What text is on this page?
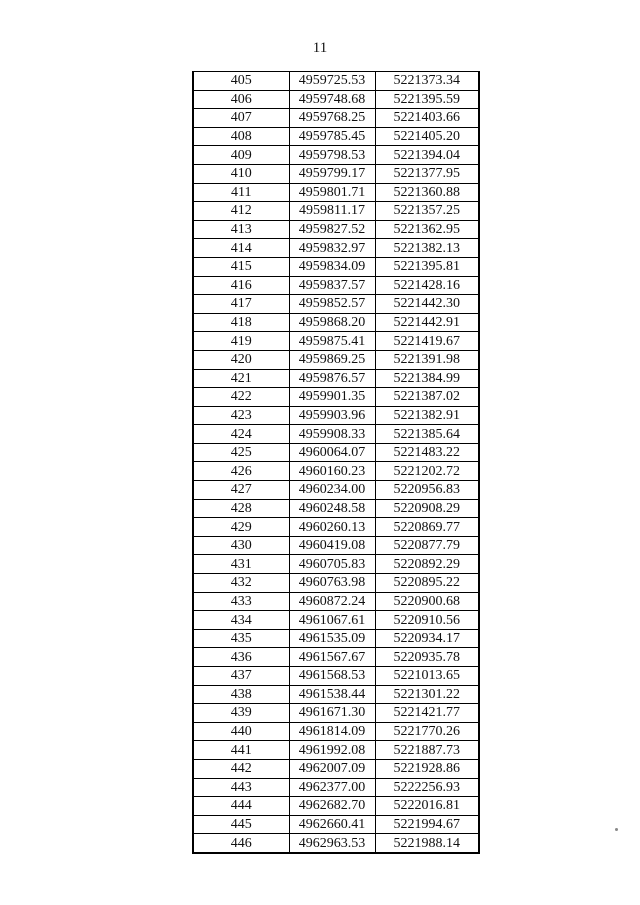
11
405	4959725.53	5221373.34
406	4959748.68	5221395.59
407	4959768.25	5221403.66
408	4959785.45	5221405.20
409	4959798.53	5221394.04
410	4959799.17	5221377.95
411	4959801.71	5221360.88
412	4959811.17	5221357.25
413	4959827.52	5221362.95
414	4959832.97	5221382.13
415	4959834.09	5221395.81
416	4959837.57	5221428.16
417	4959852.57	5221442.30
418	4959868.20	5221442.91
419	4959875.41	5221419.67
420	4959869.25	5221391.98
421	4959876.57	5221384.99
422	4959901.35	5221387.02
423	4959903.96	5221382.91
424	4959908.33	5221385.64
425	4960064.07	5221483.22
426	4960160.23	5221202.72
427	4960234.00	5220956.83
428	4960248.58	5220908.29
429	4960260.13	5220869.77
430	4960419.08	5220877.79
431	4960705.83	5220892.29
432	4960763.98	5220895.22
433	4960872.24	5220900.68
434	4961067.61	5220910.56
435	4961535.09	5220934.17
436	4961567.67	5220935.78
437	4961568.53	5221013.65
438	4961538.44	5221301.22
439	4961671.30	5221421.77
440	4961814.09	5221770.26
441	4961992.08	5221887.73
442	4962007.09	5221928.86
443	4962377.00	5222256.93
444	4962682.70	5222016.81
445	4962660.41	5221994.67
446	4962963.53	5221988.14
